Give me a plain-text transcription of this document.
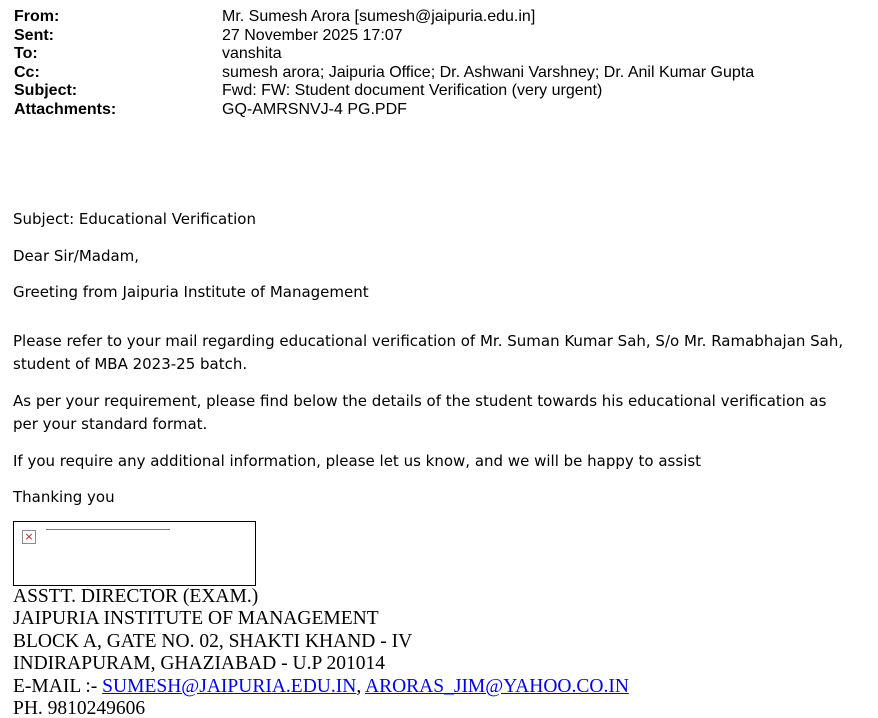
From:	Mr. Sumesh Arora [sumesh@jaipuria.edu.in]
Sent:	27 November 2025 17:07
To:	vanshita
Cc:	sumesh arora; Jaipuria Office; Dr. Ashwani Varshney; Dr. Anil Kumar Gupta
Subject:	Fwd: FW: Student document Verification (very urgent)
Attachments:	GQ-AMRSNVJ-4 PG.PDF

Subject: Educational Verification

Dear Sir/Madam,

Greeting from Jaipuria Institute of Management

Please refer to your mail regarding educational verification of Mr. Suman Kumar Sah, S/o Mr. Ramabhajan Sah, student of MBA 2023-25 batch.

As per your requirement, please find below the details of the student towards his educational verification as per your standard format.

If you require any additional information, please let us know, and we will be happy to assist

Thanking you

×
ASSTT. DIRECTOR (EXAM.)
JAIPURIA INSTITUTE OF MANAGEMENT
BLOCK A, GATE NO. 02, SHAKTI KHAND - IV
INDIRAPURAM, GHAZIABAD - U.P 201014
E-MAIL :- SUMESH@JAIPURIA.EDU.IN, ARORAS_JIM@YAHOO.CO.IN
PH. 9810249606
